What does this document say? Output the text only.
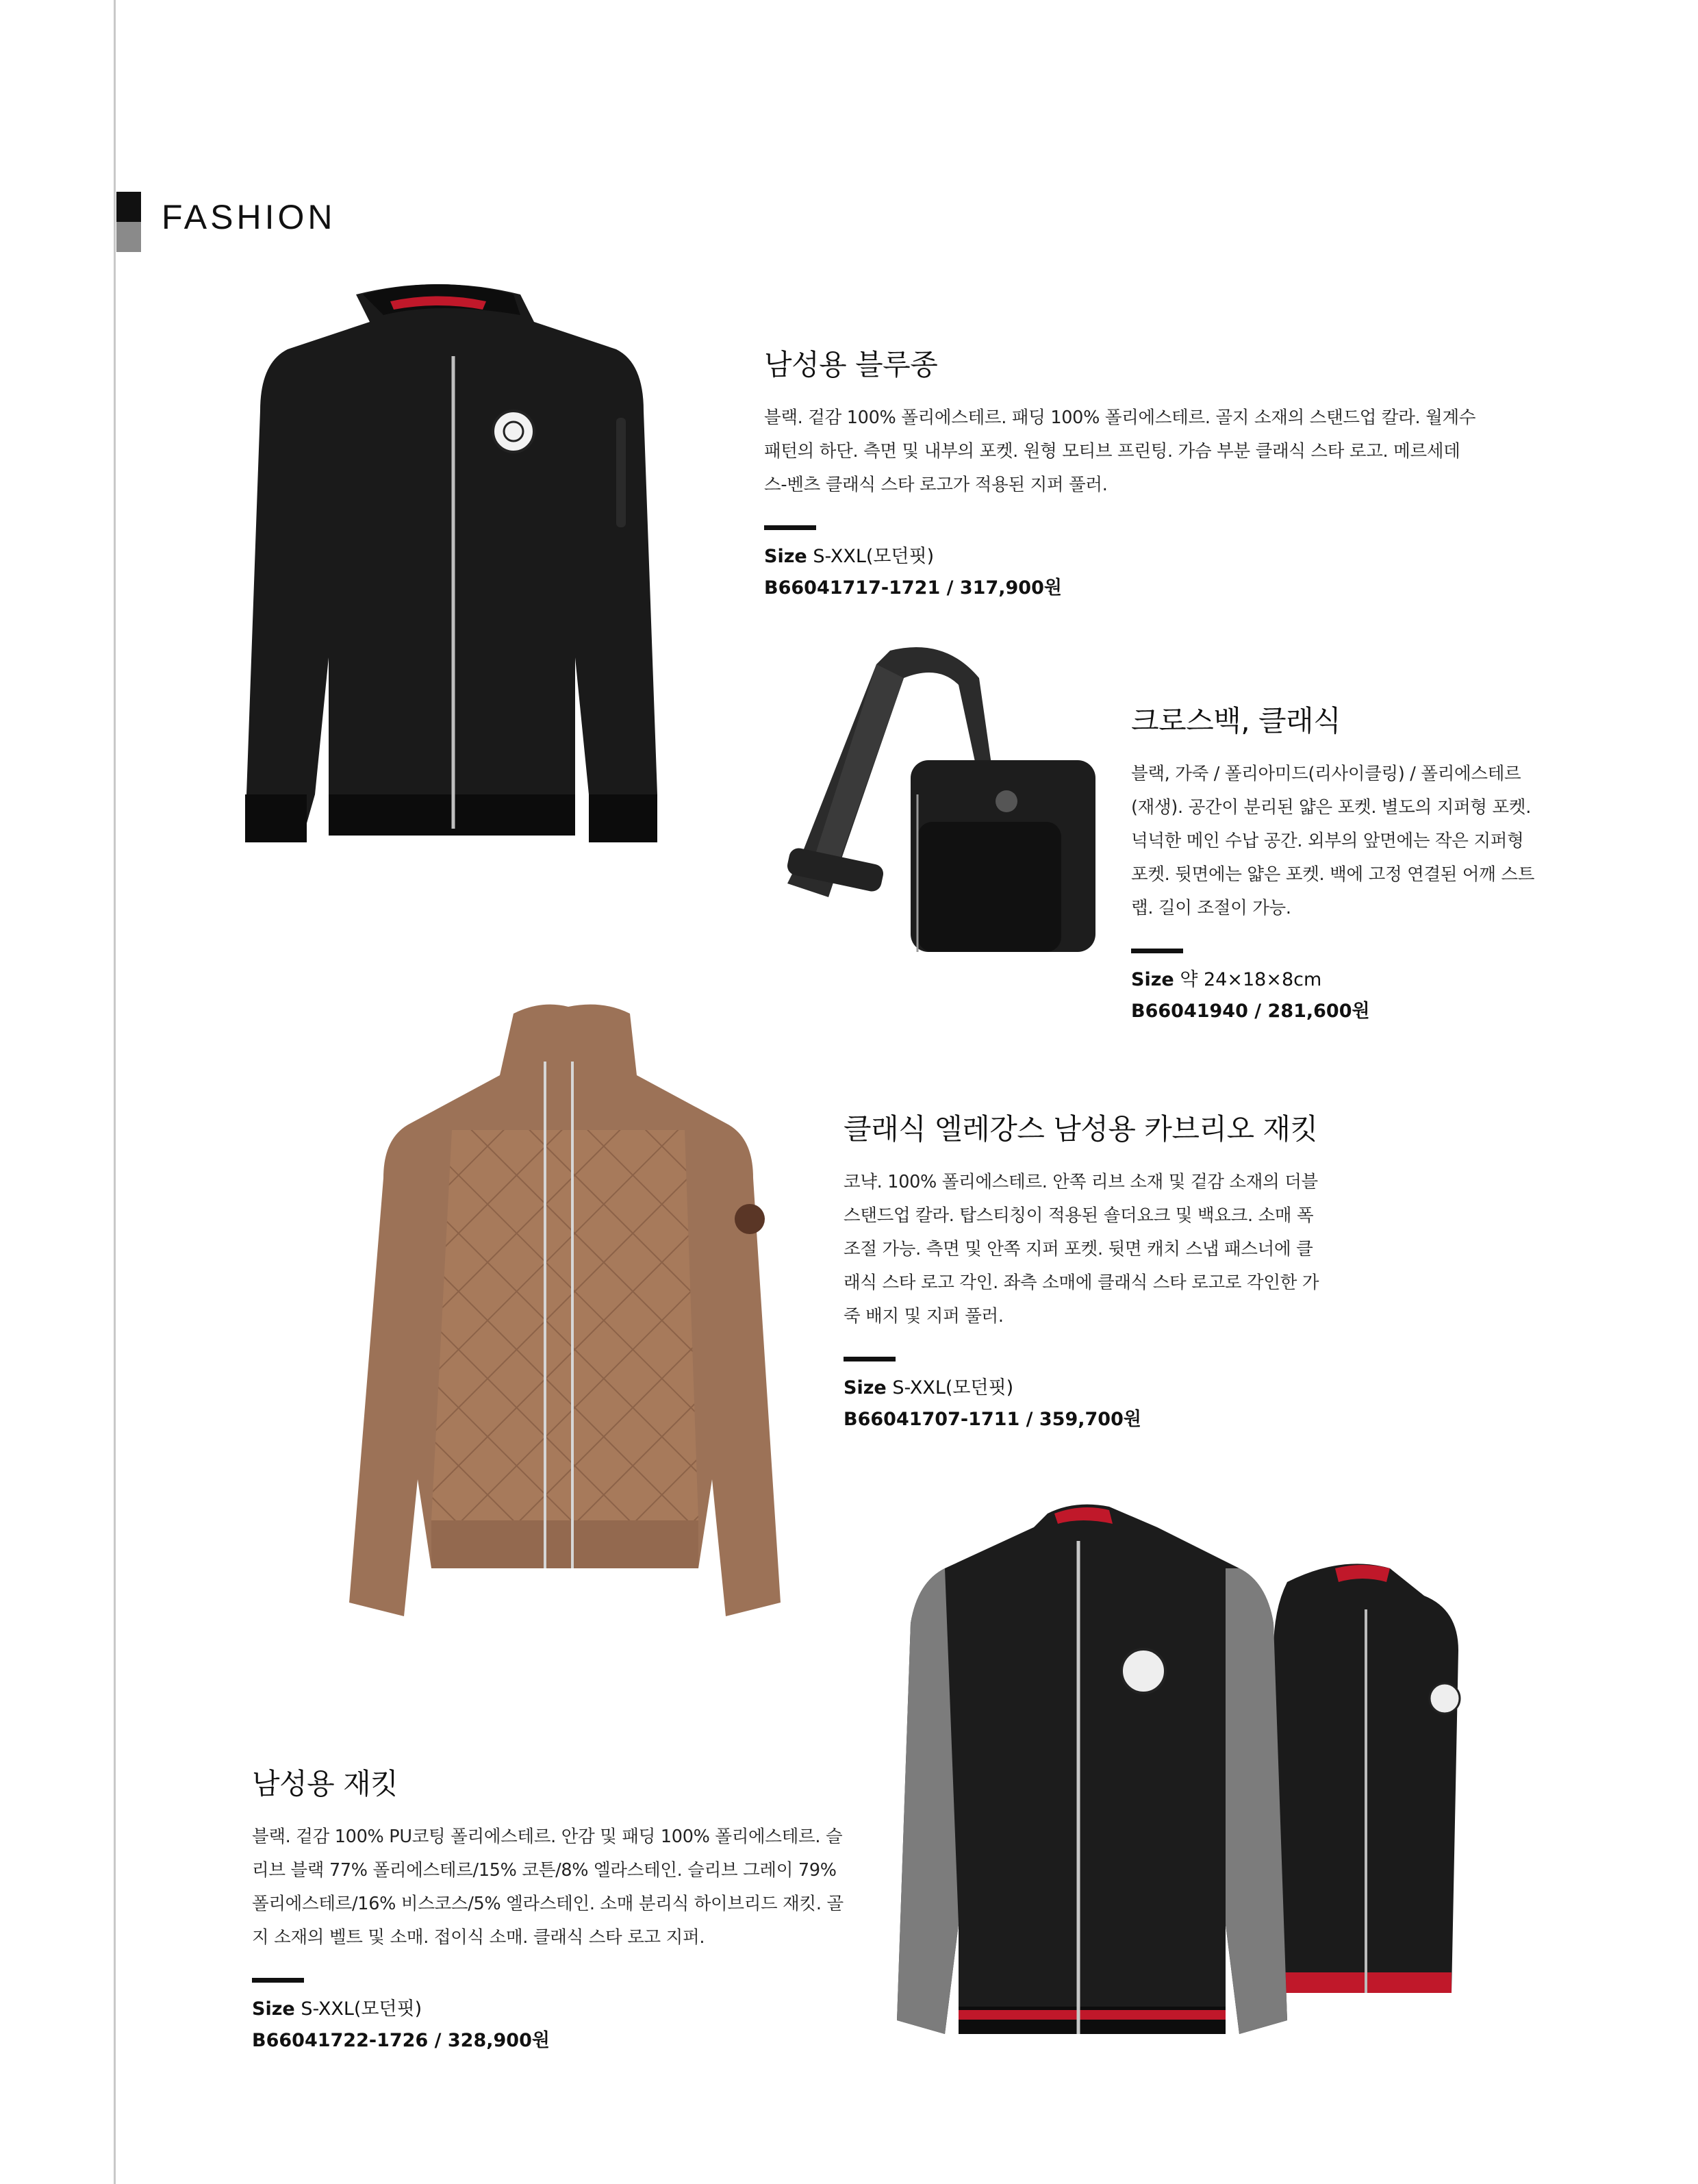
FASHION
남성용 블루종

블랙. 겉감 100% 폴리에스테르. 패딩 100% 폴리에스테르. 골지 소재의 스탠드업 칼라. 월계수 패턴의 하단. 측면 및 내부의 포켓. 원형 모티브 프린팅. 가슴 부분 클래식 스타 로고. 메르세데스-벤츠 클래식 스타 로고가 적용된 지퍼 풀러.

Size S-XXL(모던핏)
B66041717-1721 / 317,900원
크로스백, 클래식

블랙, 가죽 / 폴리아미드(리사이클링) / 폴리에스테르(재생). 공간이 분리된 얇은 포켓. 별도의 지퍼형 포켓. 넉넉한 메인 수납 공간. 외부의 앞면에는 작은 지퍼형 포켓. 뒷면에는 얇은 포켓. 백에 고정 연결된 어깨 스트랩. 길이 조절이 가능.

Size 약 24×18×8cm
B66041940 / 281,600원
클래식 엘레강스 남성용 카브리오 재킷

코냑. 100% 폴리에스테르. 안쪽 리브 소재 및 겉감 소재의 더블 스탠드업 칼라. 탑스티칭이 적용된 숄더요크 및 백요크. 소매 폭 조절 가능. 측면 및 안쪽 지퍼 포켓. 뒷면 캐치 스냅 패스너에 클래식 스타 로고 각인. 좌측 소매에 클래식 스타 로고로 각인한 가죽 배지 및 지퍼 풀러.

Size S-XXL(모던핏)
B66041707-1711 / 359,700원
남성용 재킷

블랙. 겉감 100% PU코팅 폴리에스테르. 안감 및 패딩 100% 폴리에스테르. 슬리브 블랙 77% 폴리에스테르/15% 코튼/8% 엘라스테인. 슬리브 그레이 79% 폴리에스테르/16% 비스코스/5% 엘라스테인. 소매 분리식 하이브리드 재킷. 골지 소재의 벨트 및 소매. 접이식 소매. 클래식 스타 로고 지퍼.

Size S-XXL(모던핏)
B66041722-1726 / 328,900원
